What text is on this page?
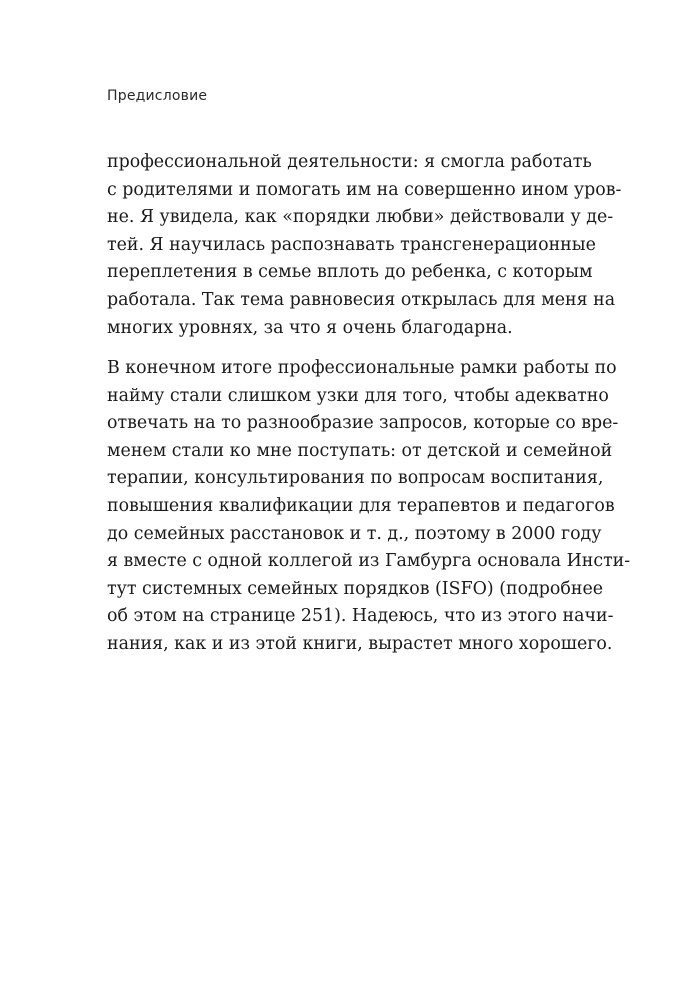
Предисловие

профессиональной деятельности: я смогла работать
с родителями и помогать им на совершенно ином уров-
не. Я увидела, как «порядки любви» действовали у де-
тей. Я научилась распознавать трансгенерационные
переплетения в семье вплоть до ребенка, с которым
работала. Так тема равновесия открылась для меня на
многих уровнях, за что я очень благодарна.

В конечном итоге профессиональные рамки работы по
найму стали слишком узки для того, чтобы адекватно
отвечать на то разнообразие запросов, которые со вре-
менем стали ко мне поступать: от детской и семейной
терапии, консультирования по вопросам воспитания,
повышения квалификации для терапевтов и педагогов
до семейных расстановок и т. д., поэтому в 2000 году
я вместе с одной коллегой из Гамбурга основала Инсти-
тут системных семейных порядков (ISFO) (подробнее
об этом на странице 251). Надеюсь, что из этого начи-
нания, как и из этой книги, вырастет много хорошего.
